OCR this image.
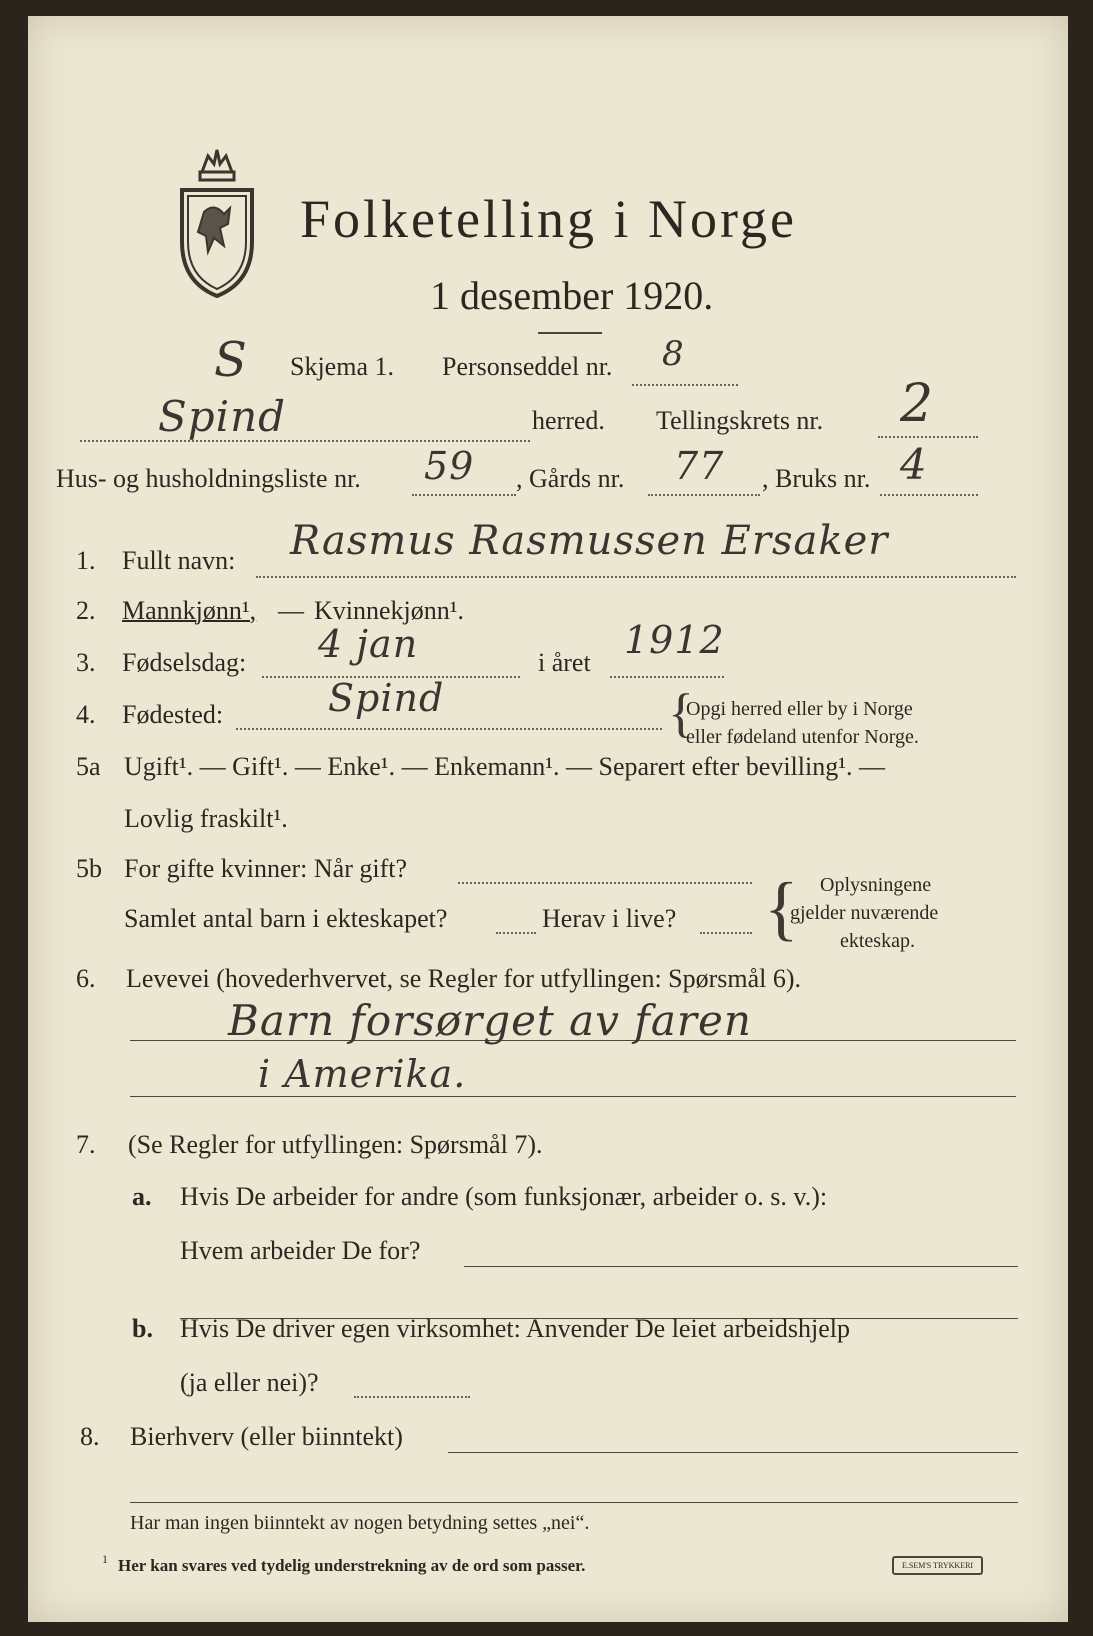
Folketelling i Norge
1 desember 1920.
S Skjema 1. Personseddel nr. 8
Spind	herred. Tellingskrets nr. 2
Hus- og husholdningsliste nr. 59 , Gårds nr. 77 , Bruks nr. 4
1. Fullt navn: Rasmus Rasmussen Ersaker
2. Mannkjønn¹, — Kvinnekjønn¹.
3. Fødselsdag: 4 jan	i året
1912
4. Fødested:	Spind	{
Opgi herred eller by i Norge
eller fødeland utenfor Norge.
5a Ugift¹. — Gift¹. — Enke¹. — Enkemann¹. — Separert efter bevilling¹. —
Lovlig fraskilt¹.
5b For gifte kvinner: Når gift?
Samlet antal barn i ekteskapet?	Herav i live? { Oplysningene
gjelder nuværende
ekteskap.
6. Levevei (hovederhvervet, se Regler for utfyllingen: Spørsmål 6).
Barn forsørget av faren
i Amerika.
7. (Se Regler for utfyllingen: Spørsmål 7).
a. Hvis De arbeider for andre (som funksjonær, arbeider o. s. v.):
Hvem arbeider De for?
b. Hvis De driver egen virksomhet: Anvender De leiet arbeidshjelp
(ja eller nei)?
8. Bierhverv (eller biinntekt)
Har man ingen biinntekt av nogen betydning settes „nei“.
1 Her kan svares ved tydelig understrekning av de ord som passer.	E.SEM'S TRYKKERI
